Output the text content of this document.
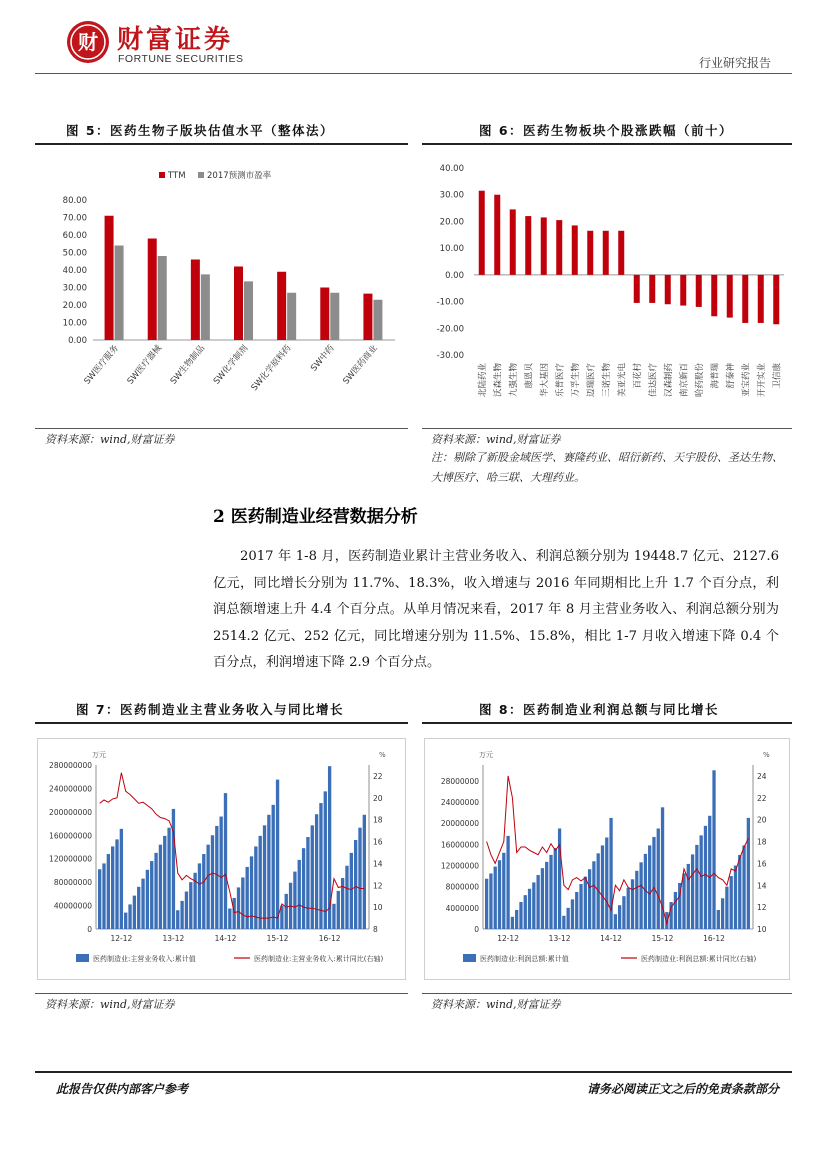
财 财富证券
FORTUNE SECURITIES	行业研究报告
图 5：医药生物子版块估值水平（整体法）
0.00
10.00
20.00
30.00
40.00
50.00
60.00
70.00
80.00
TTM	2017预测市盈率
SW医疗服务 SW医疗器械 SW生物制品 SW化学制剂 SW化学原料药 SW中药 SW医药商业
资料来源：wind,财富证券
图 6：医药生物板块个股涨跌幅（前十）
-30.00
-20.00
-10.00
0.00
10.00
20.00
30.00
40.00
北陆药业 沃森生物 九强生物 康恩贝 华大基因 乐普医疗 万孚生物 迈瑞医疗 三诺生物 美亚光电 百花村 佳达医疗 汉森制药 南京新百 哈药股份 海普瑞 舒泰神 亚宝药业 开开实业 卫信康
资料来源：wind,财富证券
注：剔除了新股金域医学、赛隆药业、昭衍新药、天宇股份、圣达生物、大博医疗、哈三联、大理药业。
2 医药制造业经营数据分析
2017 年 1-8 月，医药制造业累计主营业务收入、利润总额分别为 19448.7 亿元、2127.6 亿元，同比增长分别为 11.7%、18.3%，收入增速与 2016 年同期相比上升 1.7 个百分点，利润总额增速上升 4.4 个百分点。从单月情况来看，2017 年 8 月主营业务收入、利润总额分别为 2514.2 亿元、252 亿元，同比增速分别为 11.5%、15.8%，相比 1-7 月收入增速下降 0.4 个百分点，利润增速下降 2.9 个百分点。
图 7：医药制造业主营业务收入与同比增长
万元	%
0
40000000
80000000
120000000
160000000
200000000
240000000
280000000
8
10
12
14
16
18
20
22
12-12	13-12	14-12	15-12	16-12
医药制造业:主营业务收入:累计值	医药制造业:主营业务收入:累计同比(右轴)
资料来源：wind,财富证券
图 8：医药制造业利润总额与同比增长
万元	%
0
4000000
8000000
12000000
16000000
20000000
24000000
28000000
10
12
14
16
18
20
22
24
12-12	13-12	14-12	15-12	16-12
医药制造业:利润总额:累计值	医药制造业:利润总额:累计同比(右轴)
资料来源：wind,财富证券
此报告仅供内部客户参考	请务必阅读正文之后的免责条款部分
